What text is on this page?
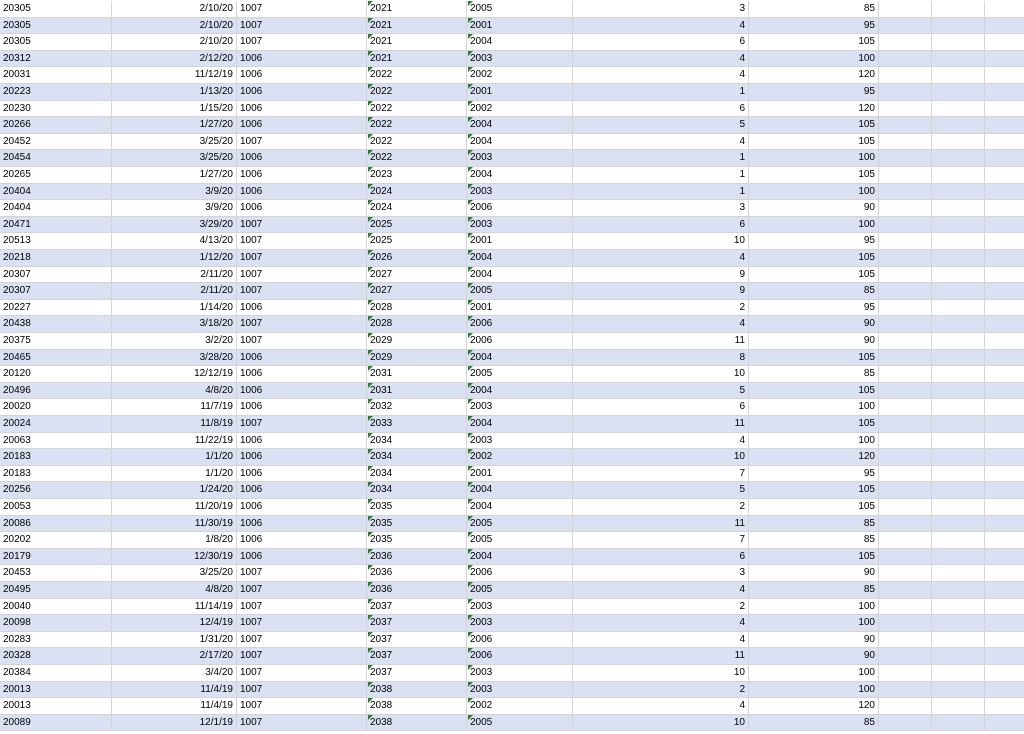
20305	2/10/20 1007	2021	2005	3	85
20305	2/10/20 1007	2021	2001	4	95
20305	2/10/20 1007	2021	2004	6	105
20312	2/12/20 1006	2021	2003	4	100
20031	11/12/19 1006	2022	2002	4	120
20223	1/13/20 1006	2022	2001	1	95
20230	1/15/20 1006	2022	2002	6	120
20266	1/27/20 1006	2022	2004	5	105
20452	3/25/20 1007	2022	2004	4	105
20454	3/25/20 1006	2022	2003	1	100
20265	1/27/20 1006	2023	2004	1	105
20404	3/9/20 1006	2024	2003	1	100
20404	3/9/20 1006	2024	2006	3	90
20471	3/29/20 1007	2025	2003	6	100
20513	4/13/20 1007	2025	2001	10	95
20218	1/12/20 1007	2026	2004	4	105
20307	2/11/20 1007	2027	2004	9	105
20307	2/11/20 1007	2027	2005	9	85
20227	1/14/20 1006	2028	2001	2	95
20438	3/18/20 1007	2028	2006	4	90
20375	3/2/20 1007	2029	2006	11	90
20465	3/28/20 1006	2029	2004	8	105
20120	12/12/19 1006	2031	2005	10	85
20496	4/8/20 1006	2031	2004	5	105
20020	11/7/19 1006	2032	2003	6	100
20024	11/8/19 1007	2033	2004	11	105
20063	11/22/19 1006	2034	2003	4	100
20183	1/1/20 1006	2034	2002	10	120
20183	1/1/20 1006	2034	2001	7	95
20256	1/24/20 1006	2034	2004	5	105
20053	11/20/19 1006	2035	2004	2	105
20086	11/30/19 1006	2035	2005	11	85
20202	1/8/20 1006	2035	2005	7	85
20179	12/30/19 1006	2036	2004	6	105
20453	3/25/20 1007	2036	2006	3	90
20495	4/8/20 1007	2036	2005	4	85
20040	11/14/19 1007	2037	2003	2	100
20098	12/4/19 1007	2037	2003	4	100
20283	1/31/20 1007	2037	2006	4	90
20328	2/17/20 1007	2037	2006	11	90
20384	3/4/20 1007	2037	2003	10	100
20013	11/4/19 1007	2038	2003	2	100
20013	11/4/19 1007	2038	2002	4	120
20089	12/1/19 1007	2038	2005	10	85
